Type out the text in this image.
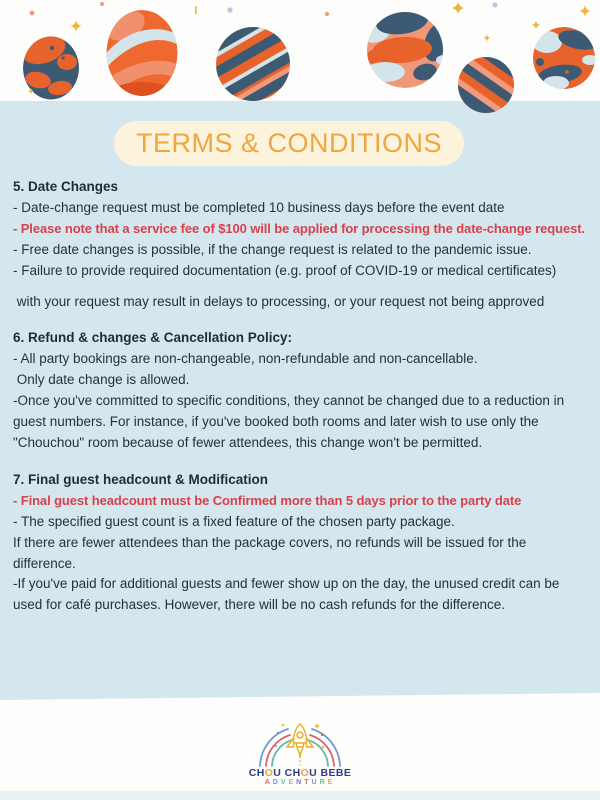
TERMS & CONDITIONS
5. Date Changes

- Date-change request must be completed 10 business days before the event date

- Please note that a service fee of $100 will be applied for processing the date-change request.

- Free date changes is possible, if the change request is related to the pandemic issue.

- Failure to provide required documentation (e.g. proof of COVID-19 or medical certificates)

with your request may result in delays to processing, or your request not being approved

6. Refund & changes & Cancellation Policy:

- All party bookings are non-changeable, non-refundable and non-cancellable.

Only date change is allowed.

-Once you've committed to specific conditions, they cannot be changed due to a reduction in guest numbers. For instance, if you've booked both rooms and later wish to use only the "Chouchou" room because of fewer attendees, this change won't be permitted.

7. Final guest headcount & Modification

- Final guest headcount must be Confirmed more than 5 days prior to the party date

- The specified guest count is a fixed feature of the chosen party package.

If there are fewer attendees than the package covers, no refunds will be issued for the difference.

-If you've paid for additional guests and fewer show up on the day, the unused credit can be used for café purchases. However, there will be no cash refunds for the difference.

CHOU CHOU BEBE
ADVENTURE
